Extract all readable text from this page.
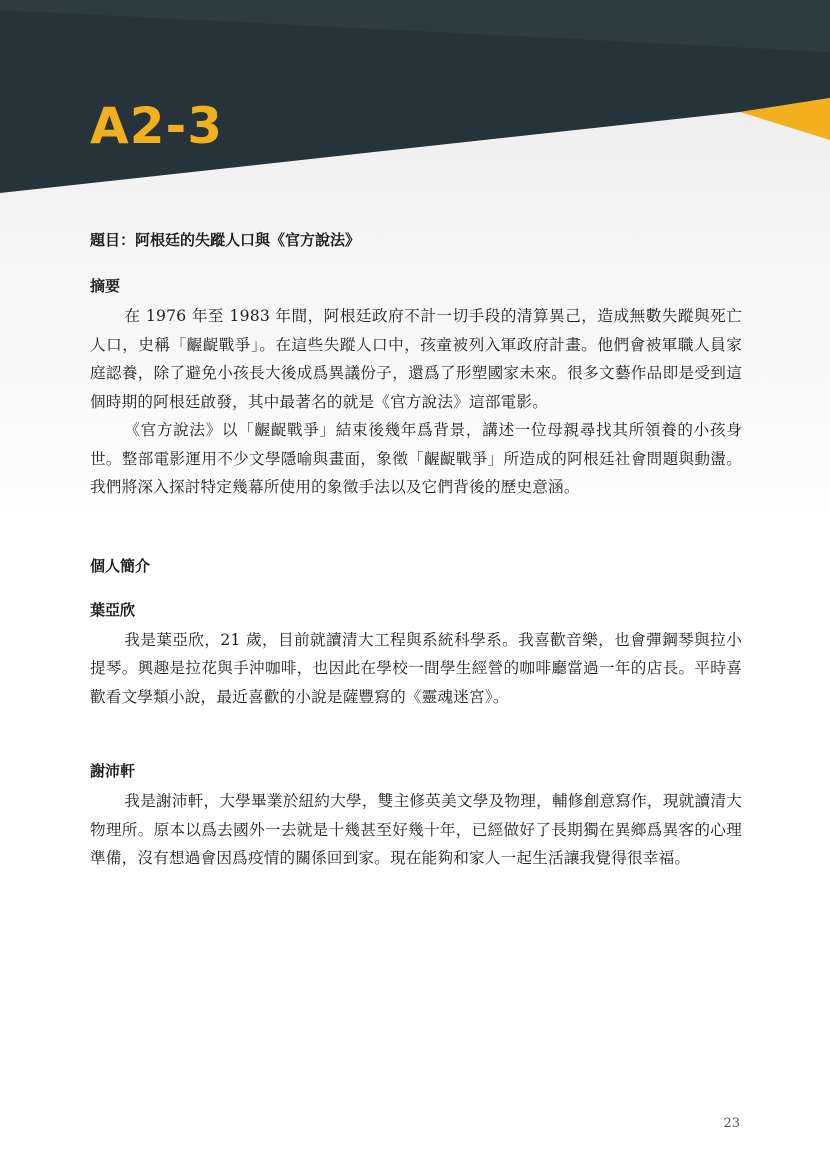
A2-3

題目：阿根廷的失蹤人口與《官方說法》

摘要

在 1976 年至 1983 年間，阿根廷政府不計一切手段的清算異己，造成無數失蹤與死亡人口，史稱「齷齪戰爭」。在這些失蹤人口中，孩童被列入軍政府計畫。他們會被軍職人員家庭認養，除了避免小孩長大後成爲異議份子，還爲了形塑國家未來。很多文藝作品即是受到這個時期的阿根廷啟發，其中最著名的就是《官方說法》這部電影。

《官方說法》以「齷齪戰爭」結束後幾年爲背景，講述一位母親尋找其所領養的小孩身世。整部電影運用不少文學隱喻與畫面，象徵「齷齪戰爭」所造成的阿根廷社會問題與動盪。我們將深入探討特定幾幕所使用的象徵手法以及它們背後的歷史意涵。

個人簡介

葉亞欣

我是葉亞欣，21 歲，目前就讀清大工程與系統科學系。我喜歡音樂，也會彈鋼琴與拉小提琴。興趣是拉花與手沖咖啡，也因此在學校一間學生經營的咖啡廳當過一年的店長。平時喜歡看文學類小說，最近喜歡的小說是薩豐寫的《靈魂迷宮》。

謝沛軒

我是謝沛軒，大學畢業於紐約大學，雙主修英美文學及物理，輔修創意寫作，現就讀清大物理所。原本以爲去國外一去就是十幾甚至好幾十年，已經做好了長期獨在異鄉爲異客的心理準備，沒有想過會因爲疫情的關係回到家。現在能夠和家人一起生活讓我覺得很幸福。

23
